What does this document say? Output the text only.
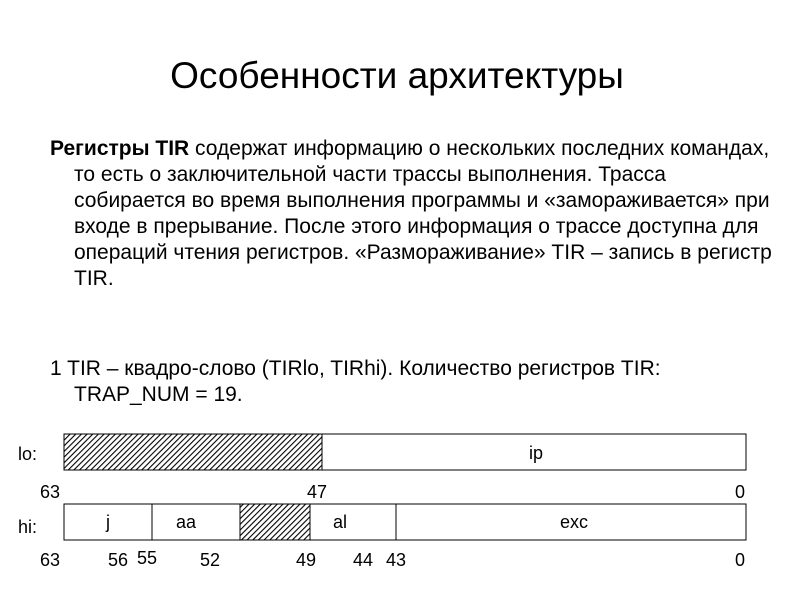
Особенности архитектуры
Регистры TIR содержат информацию о нескольких последних командах, то есть о заключительной части трассы выполнения. Трасса собирается во время выполнения программы и «замораживается» при входе в прерывание. После этого информация о трассе доступна для операций чтения регистров. «Размораживание» TIR – запись в регистр TIR.
1 TIR – квадро-слово (TIRlo, TIRhi). Количество регистров TIR: TRAP_NUM = 19.
lo:	ip
63	47	0
hi:	j	aa	al	exc
63	56 55 52	49 44 43	0
